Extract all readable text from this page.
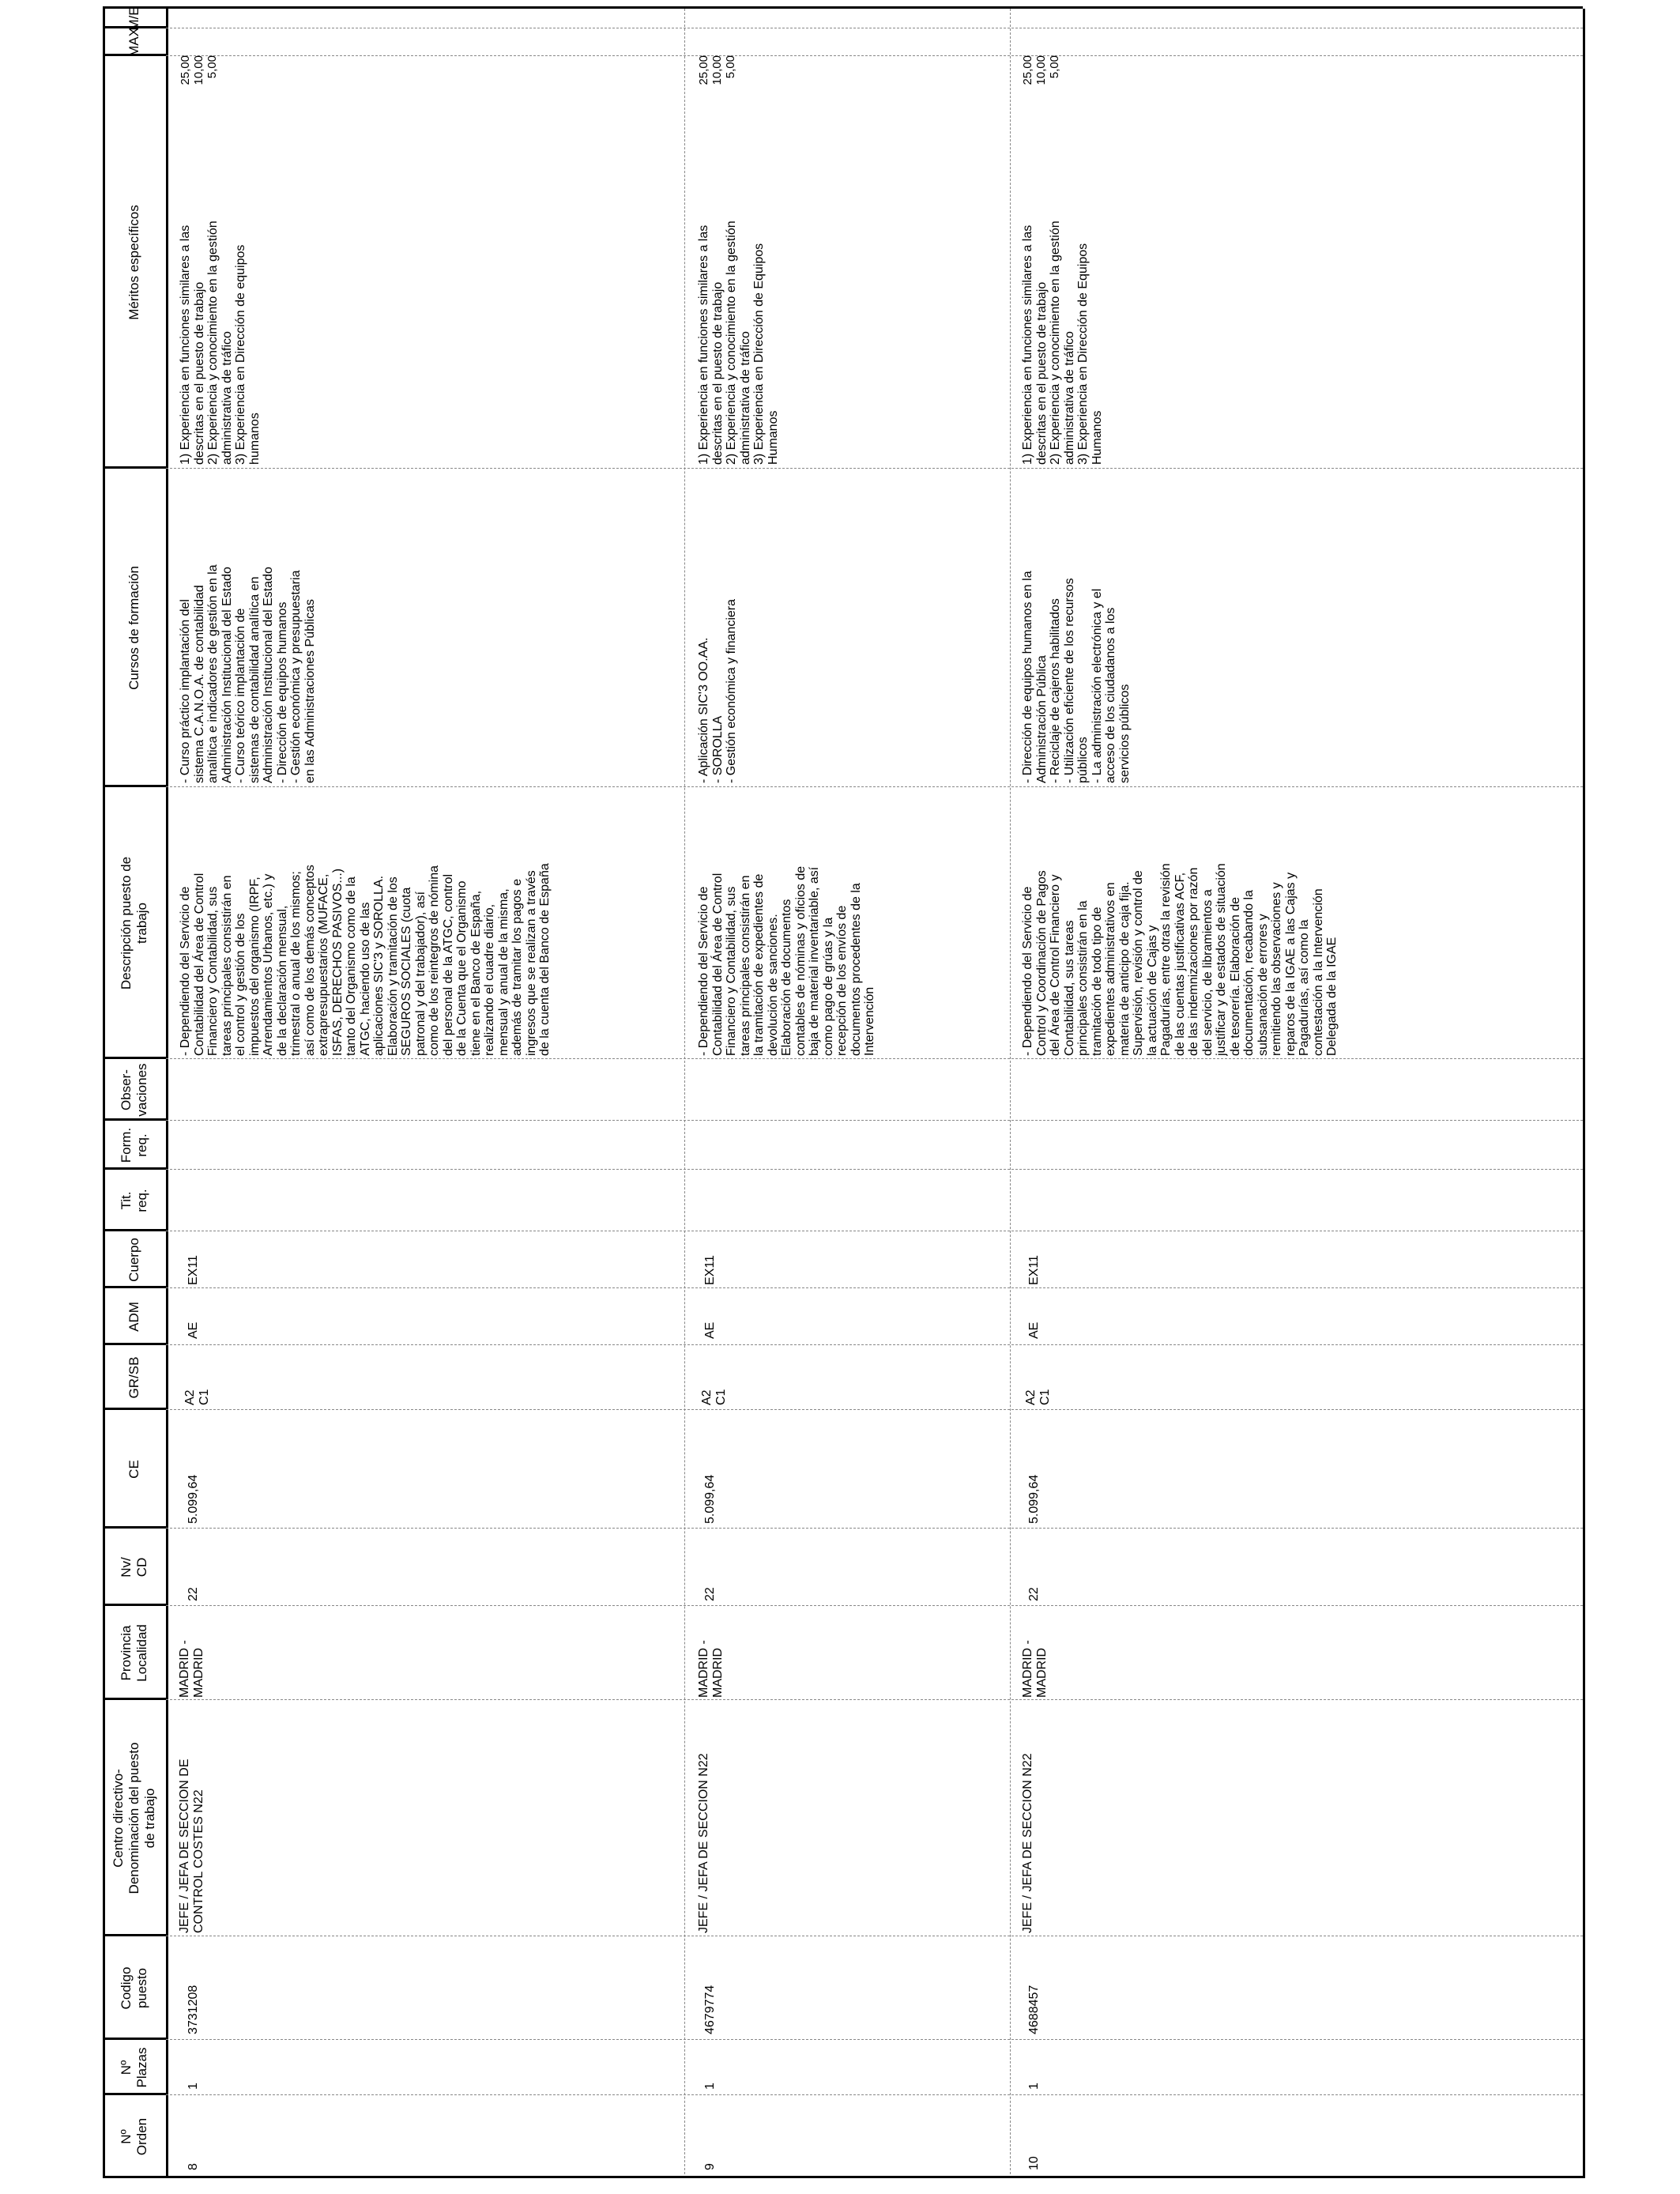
Nº
Orden
Nº
Plazas
Codigo
puesto
Centro directivo-
Denominación del puesto
de trabajo
Provincia
Localidad
Nv/
CD
CE
GR/SB
ADM
Cuerpo
Tit.
req.
Form.
req.
Obser-
vaciones
Descripción puesto de
trabajo
Cursos de formación
Méritos específicos
MAX
M/E
8
1
3731208
JEFE / JEFA DE SECCION DE
CONTROL COSTES N22
MADRID -
MADRID
22
5.099,64
A2
C1
AE
EX11
- Dependiendo del Servicio de
Contabilidad del Área de Control
Financiero y Contabilidad, sus
tareas principales consistirán en
el control y gestión de los
impuestos del organismo (IRPF,
Arrendamientos Urbanos, etc.) y
de la declaración mensual,
trimestral o anual de los mismos;
así como de los demás conceptos
extrapresupuestarios (MUFACE,
ISFAS, DERECHOS PASIVOS...)
tanto del Organismo como de la
ATGC, haciendo uso de las
aplicaciones SIC'3 y SOROLLA.
Elaboración y tramitación de los
SEGUROS SOCIALES (cuota
patronal y del trabajador), así
como de los reintegros de nómina
del personal de la ATGC, control
de la Cuenta que el Organismo
tiene en el Banco de España,
realizando el cuadre diario,
mensual y anual de la misma,
además de tramitar los pagos e
ingresos que se realizan a través
de la cuenta del Banco de España
- Curso práctico implantación del
sistema C.A.N.O.A. de contabilidad
analítica e indicadores de gestión en la
Administración Institucional del Estado
- Curso teórico implantación de
sistemas de contabilidad analítica en
Administración Institucional del Estado
- Dirección de equipos humanos
- Gestión económica y presupuestaria
en las Administraciones Públicas
1) Experiencia en funciones similares a las
descritas en el puesto de trabajo
2) Experiencia y conocimiento en la gestión
administrativa de tráfico
3) Experiencia en Dirección de equipos
humanos
25,00
10,00
5,00
9
1
4679774
JEFE / JEFA DE SECCION N22
MADRID -
MADRID
22
5.099,64
A2
C1
AE
EX11
- Dependiendo del Servicio de
Contabilidad del Área de Control
Financiero y Contabilidad, sus
tareas principales consistirán en
la tramitación de expedientes de
devolución de sanciones.
Elaboración de documentos
contables de nóminas y oficios de
baja de material inventariable, así
como pago de grúas y la
recepción de los envíos de
documentos procedentes de la
Intervención
- Aplicación SIC'3 OO.AA.
- SOROLLA
- Gestión económica y financiera
1) Experiencia en funciones similares a las
descritas en el puesto de trabajo
2) Experiencia y conocimiento en la gestión
administrativa de tráfico
3) Experiencia en Dirección de Equipos
Humanos
25,00
10,00
5,00
10
1
4688457
JEFE / JEFA DE SECCION N22
MADRID -
MADRID
22
5.099,64
A2
C1
AE
EX11
- Dependiendo del Servicio de
Control y Coordinación de Pagos
del Área de Control Financiero y
Contabilidad, sus tareas
principales consistirán en la
tramitación de todo tipo de
expedientes administrativos en
materia de anticipo de caja fija.
Supervisión, revisión y control de
la actuación de Cajas y
Pagadurías, entre otras la revisión
de las cuentas justificativas ACF,
de las indemnizaciones por razón
del servicio, de libramientos a
justificar y de estados de situación
de tesorería. Elaboración de
documentación, recabando la
subsanación de errores y
remitiendo las observaciones y
reparos de la IGAE a las Cajas y
Pagadurías, así como la
contestación a la Intervención
Delegada de la IGAE
- Dirección de equipos humanos en la
Administración Pública
- Reciclaje de cajeros habilitados
- Utilización eficiente de los recursos
públicos
- La administración electrónica y el
acceso de los ciudadanos a los
servicios públicos
1) Experiencia en funciones similares a las
descritas en el puesto de trabajo
2) Experiencia y conocimiento en la gestión
administrativa de tráfico
3) Experiencia en Dirección de Equipos
Humanos
25,00
10,00
5,00
